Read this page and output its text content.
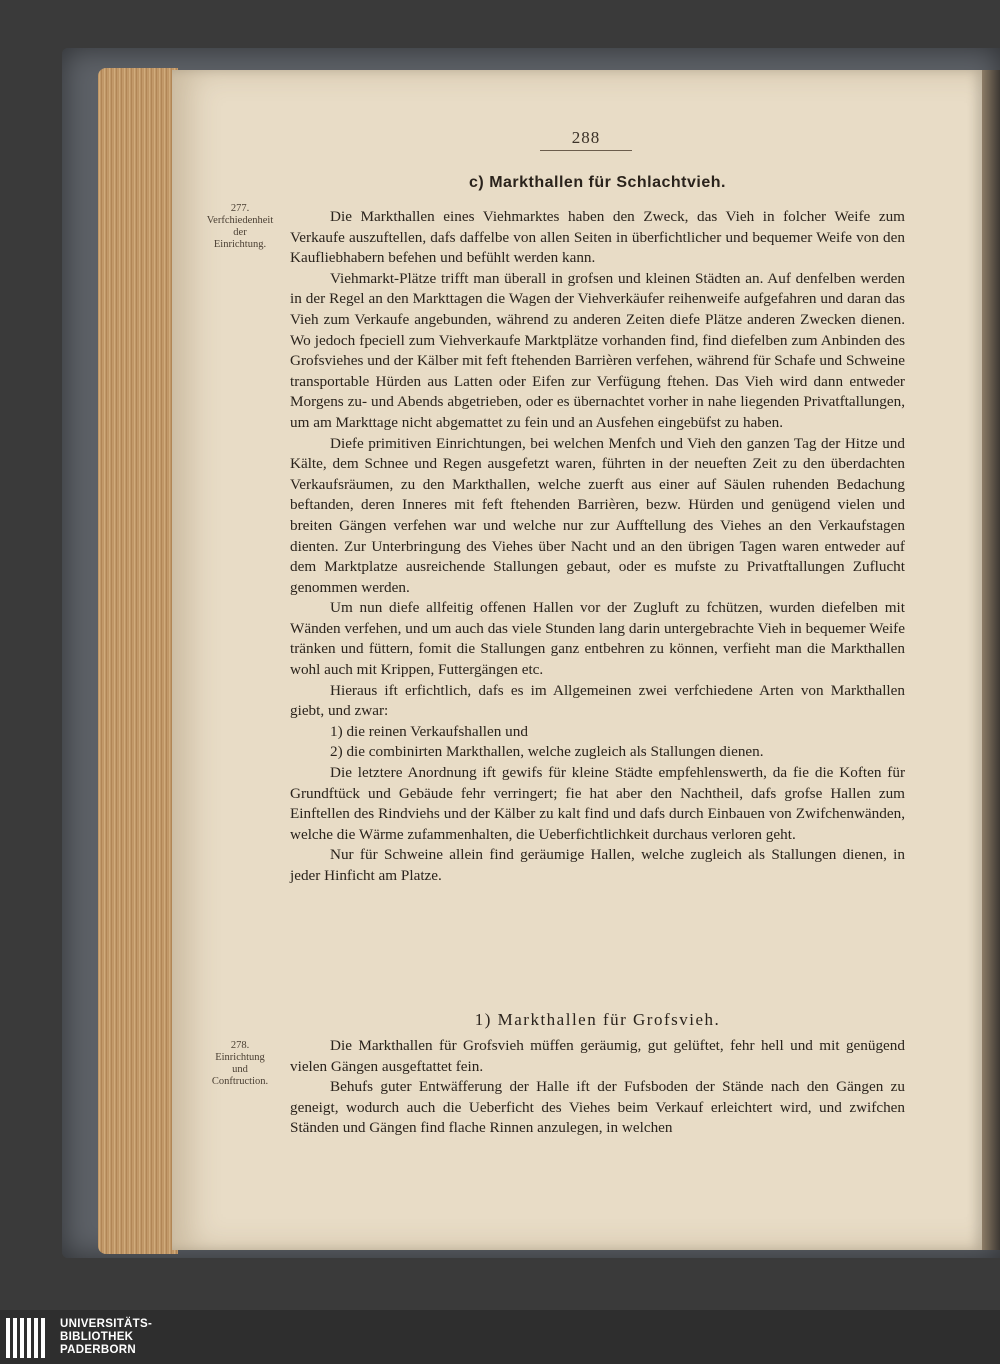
288
c) Markthallen für Schlachtvieh.
277.
Verfchiedenheit
der
Einrichtung.

Die Markthallen eines Viehmarktes haben den Zweck, das Vieh in folcher Weife zum Verkaufe auszuftellen, dafs daffelbe von allen Seiten in überfichtlicher und bequemer Weife von den Kaufliebhabern befehen und befühlt werden kann.

Viehmarkt-Plätze trifft man überall in grofsen und kleinen Städten an. Auf denfelben werden in der Regel an den Markttagen die Wagen der Viehverkäufer reihenweife aufgefahren und daran das Vieh zum Verkaufe angebunden, während zu anderen Zeiten diefe Plätze anderen Zwecken dienen. Wo jedoch fpeciell zum Viehverkaufe Marktplätze vorhanden find, find diefelben zum Anbinden des Grofsviehes und der Kälber mit feft ftehenden Barrièren verfehen, während für Schafe und Schweine transportable Hürden aus Latten oder Eifen zur Verfügung ftehen. Das Vieh wird dann entweder Morgens zu- und Abends abgetrieben, oder es übernachtet vorher in nahe liegenden Privatftallungen, um am Markttage nicht abgemattet zu fein und an Ausfehen eingebüfst zu haben.

Diefe primitiven Einrichtungen, bei welchen Menfch und Vieh den ganzen Tag der Hitze und Kälte, dem Schnee und Regen ausgefetzt waren, führten in der neueften Zeit zu den überdachten Verkaufsräumen, zu den Markthallen, welche zuerft aus einer auf Säulen ruhenden Bedachung beftanden, deren Inneres mit feft ftehenden Barrièren, bezw. Hürden und genügend vielen und breiten Gängen verfehen war und welche nur zur Aufftellung des Viehes an den Verkaufstagen dienten. Zur Unterbringung des Viehes über Nacht und an den übrigen Tagen waren entweder auf dem Marktplatze ausreichende Stallungen gebaut, oder es mufste zu Privatftallungen Zuflucht genommen werden.

Um nun diefe allfeitig offenen Hallen vor der Zugluft zu fchützen, wurden diefelben mit Wänden verfehen, und um auch das viele Stunden lang darin untergebrachte Vieh in bequemer Weife tränken und füttern, fomit die Stallungen ganz entbehren zu können, verfieht man die Markthallen wohl auch mit Krippen, Futtergängen etc.

Hieraus ift erfichtlich, dafs es im Allgemeinen zwei verfchiedene Arten von Markthallen giebt, und zwar:

1) die reinen Verkaufshallen und

2) die combinirten Markthallen, welche zugleich als Stallungen dienen.

Die letztere Anordnung ift gewifs für kleine Städte empfehlenswerth, da fie die Koften für Grundftück und Gebäude fehr verringert; fie hat aber den Nachtheil, dafs grofse Hallen zum Einftellen des Rindviehs und der Kälber zu kalt find und dafs durch Einbauen von Zwifchenwänden, welche die Wärme zufammenhalten, die Ueberfichtlichkeit durchaus verloren geht.

Nur für Schweine allein find geräumige Hallen, welche zugleich als Stallungen dienen, in jeder Hinficht am Platze.

1) Markthallen für Grofsvieh.
278.
Einrichtung
und
Conftruction.

Die Markthallen für Grofsvieh müffen geräumig, gut gelüftet, fehr hell und mit genügend vielen Gängen ausgeftattet fein.

Behufs guter Entwäfferung der Halle ift der Fufsboden der Stände nach den Gängen zu geneigt, wodurch auch die Ueberficht des Viehes beim Verkauf erleichtert wird, und zwifchen Ständen und Gängen find flache Rinnen anzulegen, in welchen

UNIVERSITÄTS-
BIBLIOTHEK
PADERBORN
